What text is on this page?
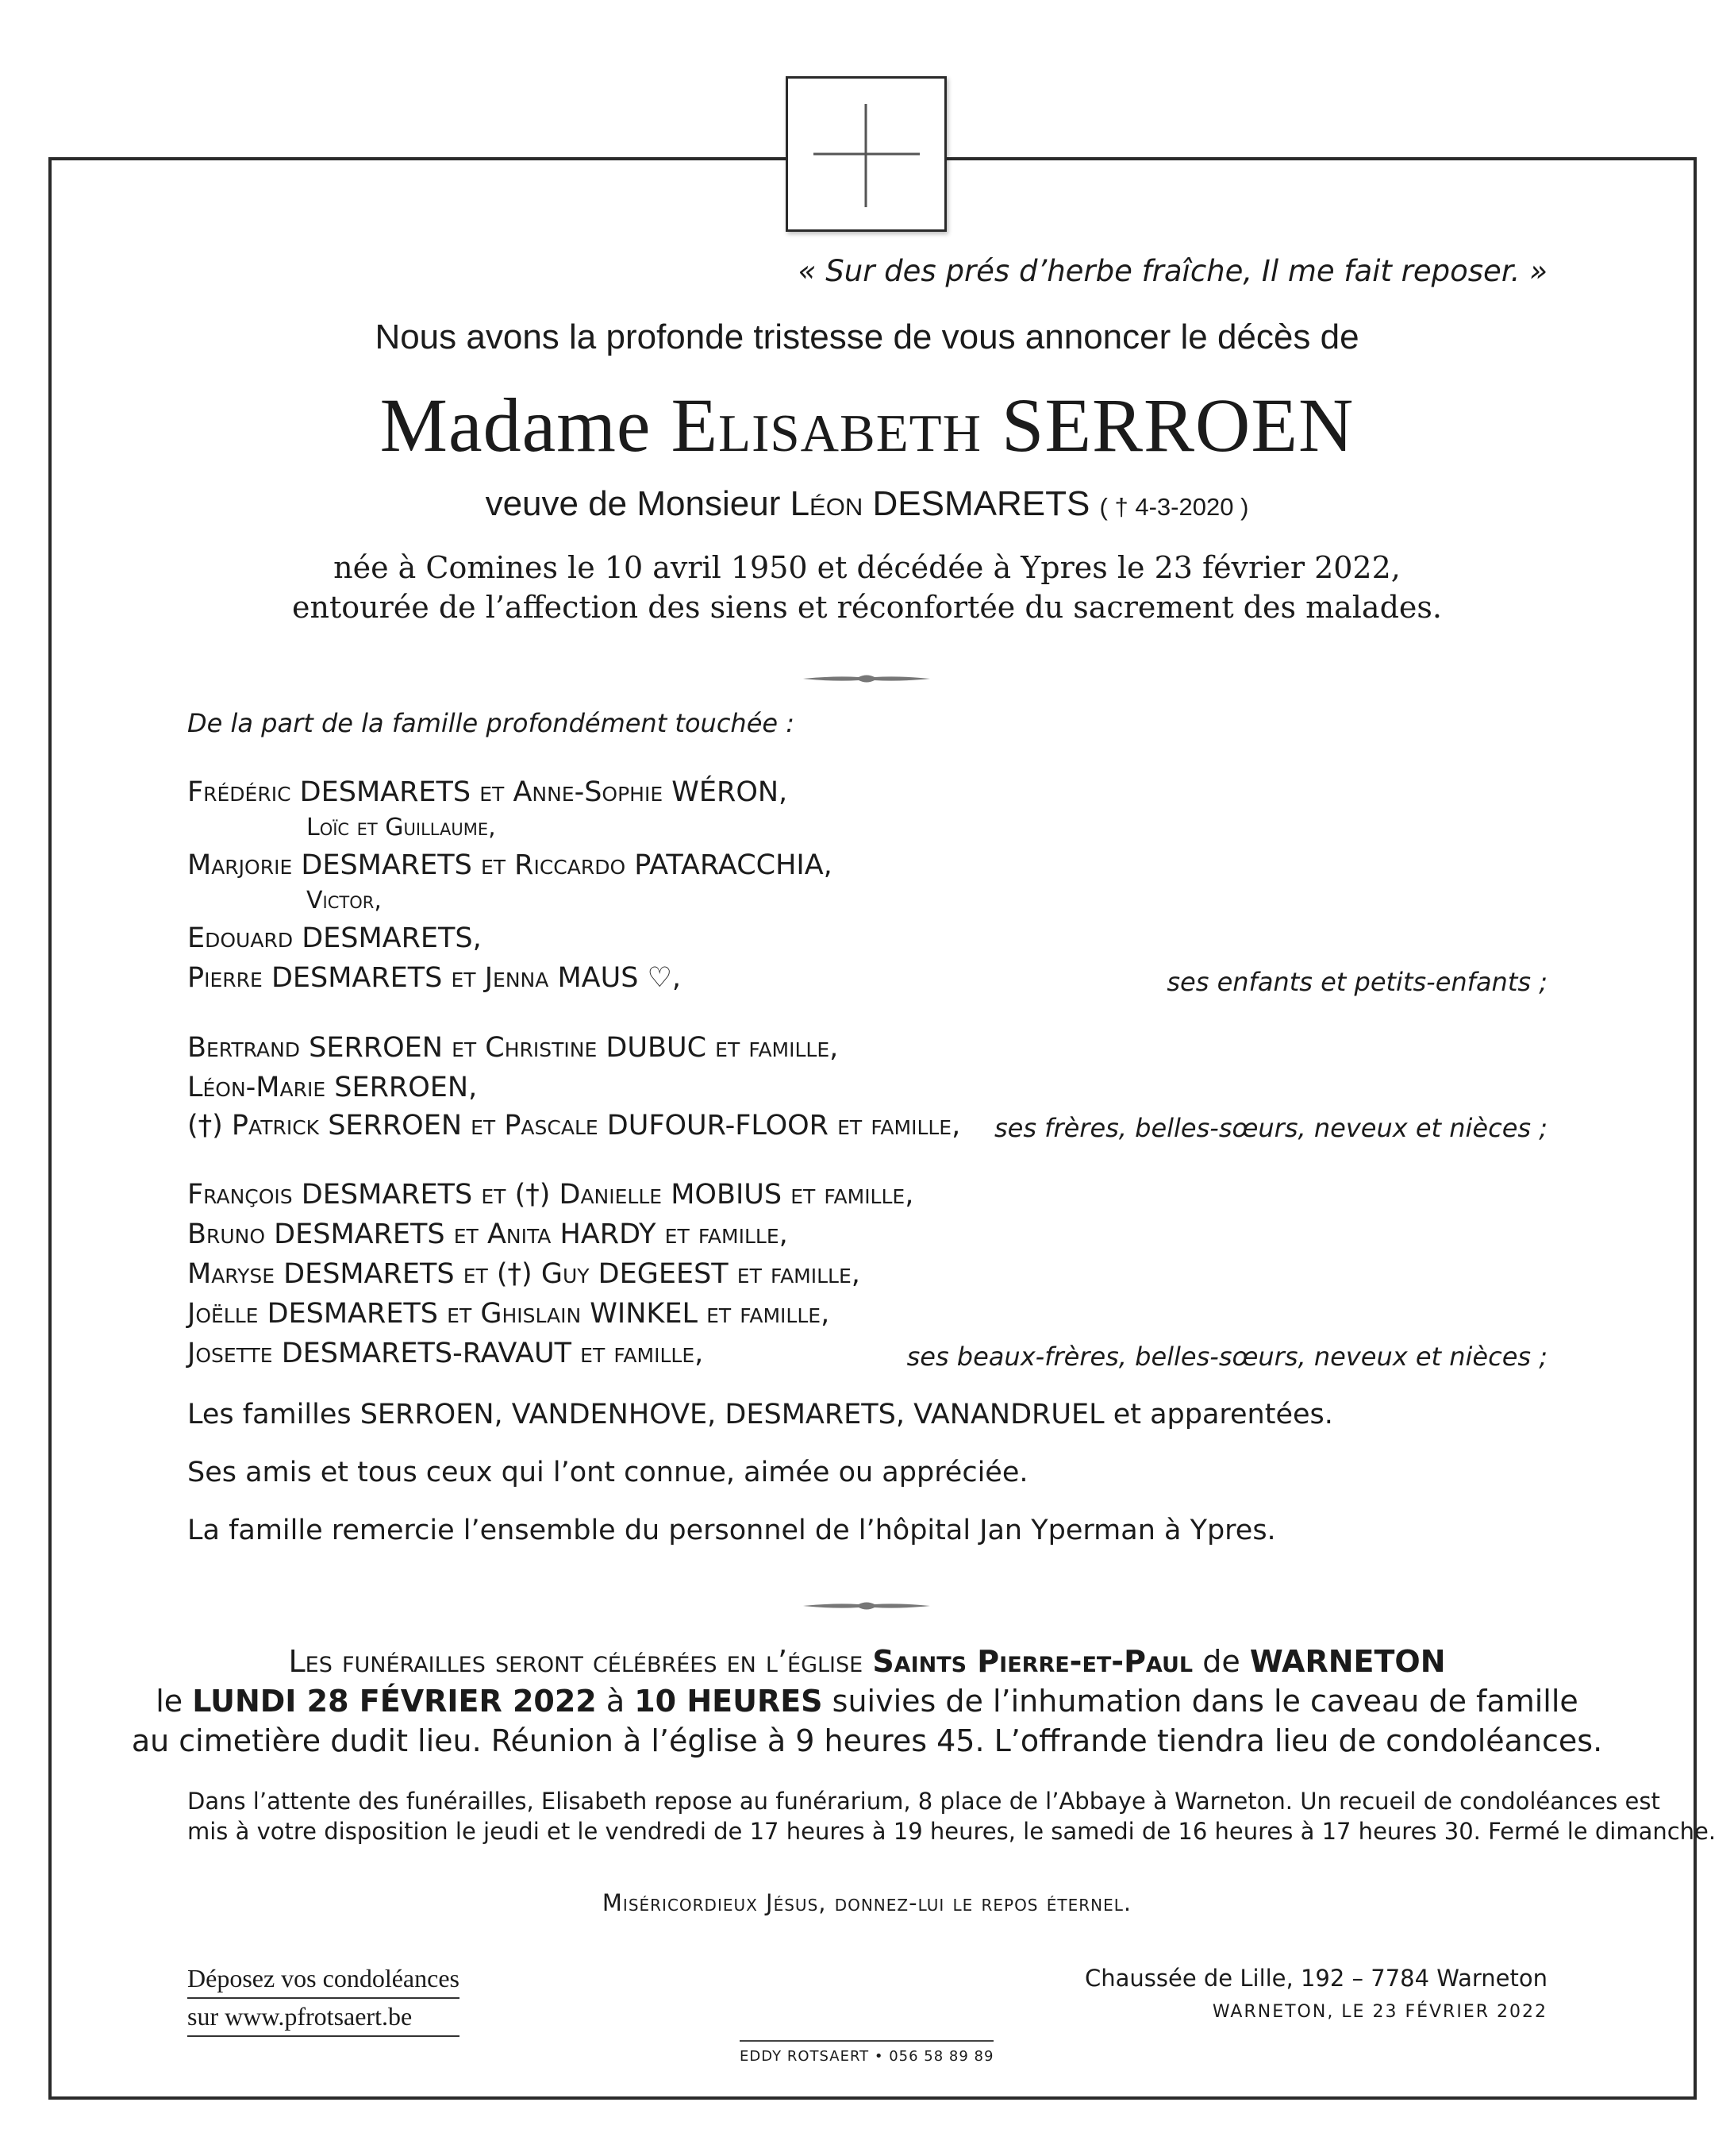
« Sur des prés d’herbe fraîche, Il me fait reposer. »
Nous avons la profonde tristesse de vous annoncer le décès de
Madame Elisabeth SERROEN
veuve de Monsieur Léon DESMARETS ( † 4-3-2020 )
née à Comines le 10 avril 1950 et décédée à Ypres le 23 février 2022,
entourée de l’affection des siens et réconfortée du sacrement des malades.
De la part de la famille profondément touchée :
Frédéric DESMARETS et Anne-Sophie WÉRON,
Loïc et Guillaume,
Marjorie DESMARETS et Riccardo PATARACCHIA,
Victor,
Edouard DESMARETS,
Pierre DESMARETS et Jenna MAUS ♡,	ses enfants et petits-enfants ;
Bertrand SERROEN et Christine DUBUC et famille,
Léon-Marie SERROEN,
(†) Patrick SERROEN et Pascale DUFOUR-FLOOR et famille, ses frères, belles-sœurs, neveux et nièces ;
François DESMARETS et (†) Danielle MOBIUS et famille,
Bruno DESMARETS et Anita HARDY et famille,
Maryse DESMARETS et (†) Guy DEGEEST et famille,
Joëlle DESMARETS et Ghislain WINKEL et famille,
Josette DESMARETS-RAVAUT et famille,	ses beaux-frères, belles-sœurs, neveux et nièces ;
Les familles SERROEN, VANDENHOVE, DESMARETS, VANANDRUEL et apparentées.
Ses amis et tous ceux qui l’ont connue, aimée ou appréciée.
La famille remercie l’ensemble du personnel de l’hôpital Jan Yperman à Ypres.
Les funérailles seront célébrées en l’église Saints Pierre-et-Paul de WARNETON
le LUNDI 28 FÉVRIER 2022 à 10 HEURES suivies de l’inhumation dans le caveau de famille
au cimetière dudit lieu. Réunion à l’église à 9 heures 45. L’offrande tiendra lieu de condoléances.
Dans l’attente des funérailles, Elisabeth repose au funérarium, 8 place de l’Abbaye à Warneton. Un recueil de condoléances est
mis à votre disposition le jeudi et le vendredi de 17 heures à 19 heures, le samedi de 16 heures à 17 heures 30. Fermé le dimanche.
Miséricordieux Jésus, donnez-lui le repos éternel.
Déposez vos condoléances
sur www.pfrotsaert.be
Chaussée de Lille, 192 – 7784 Warneton
WARNETON, LE 23 FÉVRIER 2022
EDDY ROTSAERT • 056 58 89 89
